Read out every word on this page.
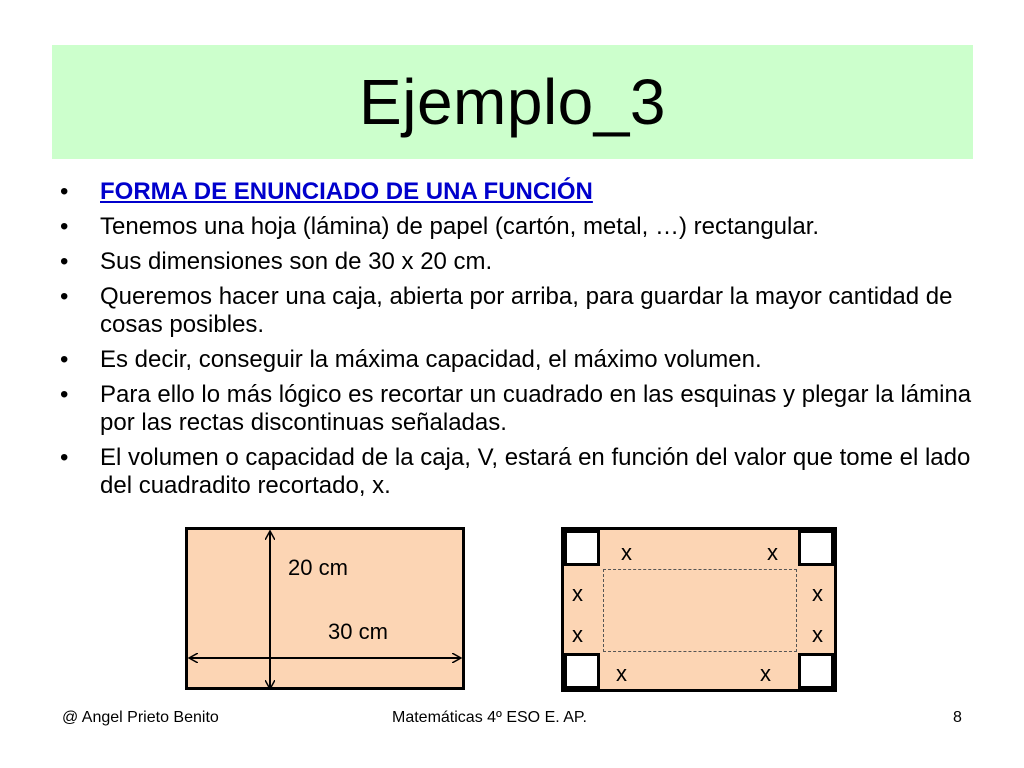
Ejemplo_3
• FORMA DE ENUNCIADO DE UNA FUNCIÓN
• Tenemos una hoja (lámina) de papel (cartón, metal, …) rectangular.
• Sus dimensiones son de 30 x 20 cm.
• Queremos hacer una caja, abierta por arriba, para guardar la mayor cantidad de cosas posibles.
• Es decir, conseguir la máxima capacidad, el máximo volumen.
• Para ello lo más lógico es recortar un cuadrado en las esquinas y plegar la lámina por las rectas discontinuas señaladas.
• El volumen o capacidad de la caja, V, estará en función del valor que tome el lado del cuadradito recortado, x.
20 cm
30 cm
x	x
x
x
x
x
x	x
@ Angel Prieto Benito	Matemáticas 4º ESO E. AP.	8
